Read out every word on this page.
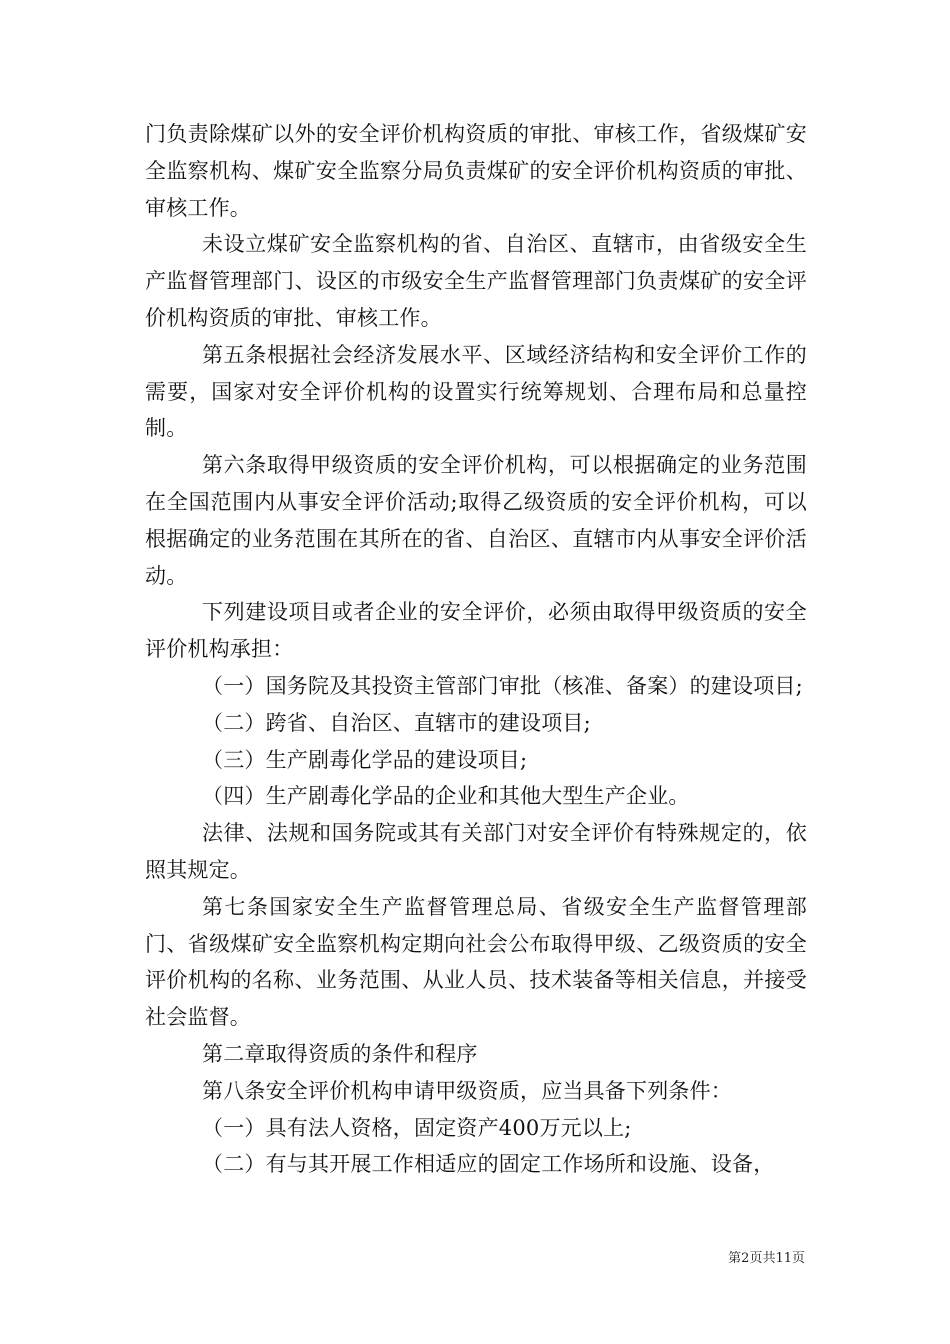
门负责除煤矿以外的安全评价机构资质的审批、审核工作，省级煤矿安全监察机构、煤矿安全监察分局负责煤矿的安全评价机构资质的审批、审核工作。

未设立煤矿安全监察机构的省、自治区、直辖市，由省级安全生产监督管理部门、设区的市级安全生产监督管理部门负责煤矿的安全评价机构资质的审批、审核工作。

第五条根据社会经济发展水平、区域经济结构和安全评价工作的需要，国家对安全评价机构的设置实行统筹规划、合理布局和总量控制。

第六条取得甲级资质的安全评价机构，可以根据确定的业务范围在全国范围内从事安全评价活动;取得乙级资质的安全评价机构，可以根据确定的业务范围在其所在的省、自治区、直辖市内从事安全评价活动。

下列建设项目或者企业的安全评价，必须由取得甲级资质的安全评价机构承担：

（一）国务院及其投资主管部门审批（核准、备案）的建设项目;

（二）跨省、自治区、直辖市的建设项目;

（三）生产剧毒化学品的建设项目;

（四）生产剧毒化学品的企业和其他大型生产企业。

法律、法规和国务院或其有关部门对安全评价有特殊规定的，依照其规定。

第七条国家安全生产监督管理总局、省级安全生产监督管理部门、省级煤矿安全监察机构定期向社会公布取得甲级、乙级资质的安全评价机构的名称、业务范围、从业人员、技术装备等相关信息，并接受社会监督。

第二章取得资质的条件和程序

第八条安全评价机构申请甲级资质，应当具备下列条件：

（一）具有法人资格，固定资产400万元以上;

（二）有与其开展工作相适应的固定工作场所和设施、设备，

第2页共11页
